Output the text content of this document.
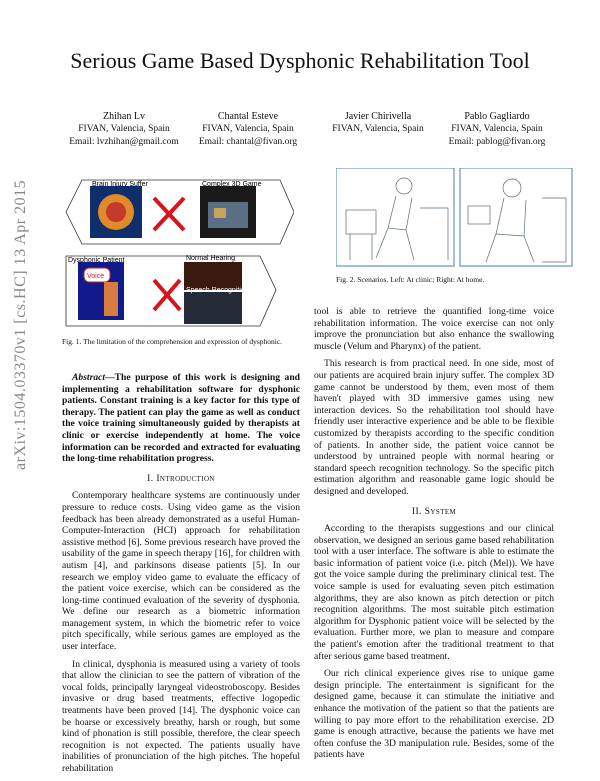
arXiv:1504.03370v1 [cs.HC] 13 Apr 2015
Serious Game Based Dysphonic Rehabilitation Tool
Zhihan Lv
FIVAN, Valencia, Spain
Email: lvzhihan@gmail.com
Chantal Esteve
FIVAN, Valencia, Spain
Email: chantal@fivan.org
Javier Chirivella
FIVAN, Valencia, Spain
Pablo Gagliardo
FIVAN, Valencia, Spain
Email: pablog@fivan.org
Brain Injury Suffer	Complex 3D Game
Dysphonic Patient	Normal Hearing
Speech Recognition
Voice
Fig. 1. The limitation of the comprehension and expression of dysphonic.
Fig. 2. Scenarios. Left: At clinic; Right: At home.

Abstract—The purpose of this work is designing and implementing a rehabilitation software for dysphonic patients. Constant training is a key factor for this type of therapy. The patient can play the game as well as conduct the voice training simultaneously guided by therapists at clinic or exercise independently at home. The voice information can be recorded and extracted for evaluating the long-time rehabilitation progress.

I. Introduction

Contemporary healthcare systems are continuously under pressure to reduce costs. Using video game as the vision feedback has been already demonstrated as a useful Human-Computer-Interaction (HCI) approach for rehabilitation assistive method [6]. Some previous research have proved the usability of the game in speech therapy [16], for children with autism [4], and parkinsons disease patients [5]. In our research we employ video game to evaluate the efficacy of the patient voice exercise, which can be considered as the long-time continued evaluation of the severity of dysphonia. We define our research as a biometric information management system, in which the biometric refer to voice pitch specifically, while serious games are employed as the user interface.

In clinical, dysphonia is measured using a variety of tools that allow the clinician to see the pattern of vibration of the vocal folds, principally laryngeal videostroboscopy. Besides invasive or drug based treatments, effective logopedic treatments have been proved [14]. The dysphonic voice can be hoarse or excessively breathy, harsh or rough, but some kind of phonation is still possible, therefore, the clear speech recognition is not expected. The patients usually have inabilities of pronunciation of the high pitches. The hopeful rehabilitation

tool is able to retrieve the quantified long-time voice rehabilitation information. The voice exercise can not only improve the pronunciation but also enhance the swallowing muscle (Velum and Pharynx) of the patient.

This research is from practical need. In one side, most of our patients are acquired brain injury suffer. The complex 3D game cannot be understood by them, even most of them haven't played with 3D immersive games using new interaction devices. So the rehabilitation tool should have friendly user interactive experience and be able to be flexible customized by therapists according to the specific condition of patients. In another side, the patient voice cannot be understood by untrained people with normal hearing or standard speech recognition technology. So the specific pitch estimation algorithm and reasonable game logic should be designed and developed.

II. System

According to the therapists suggestions and our clinical observation, we designed an serious game based rehabilitation tool with a user interface. The software is able to estimate the basic information of patient voice (i.e. pitch (Mel)). We have got the voice sample during the preliminary clinical test. The voice sample is used for evaluating seven pitch estimation algorithms, they are also known as pitch detection or pitch recognition algorithms. The most suitable pitch estimation algorithm for Dysphonic patient voice will be selected by the evaluation. Further more, we plan to measure and compare the patient's emotion after the traditional treatment to that after serious game based treatment.

Our rich clinical experience gives rise to unique game design principle. The entertainment is significant for the designed game, because it can stimulate the initiative and enhance the motivation of the patient so that the patients are willing to pay more effort to the rehabilitation exercise. 2D game is enough attractive, because the patients we have met often confuse the 3D manipulation rule. Besides, some of the patients have
